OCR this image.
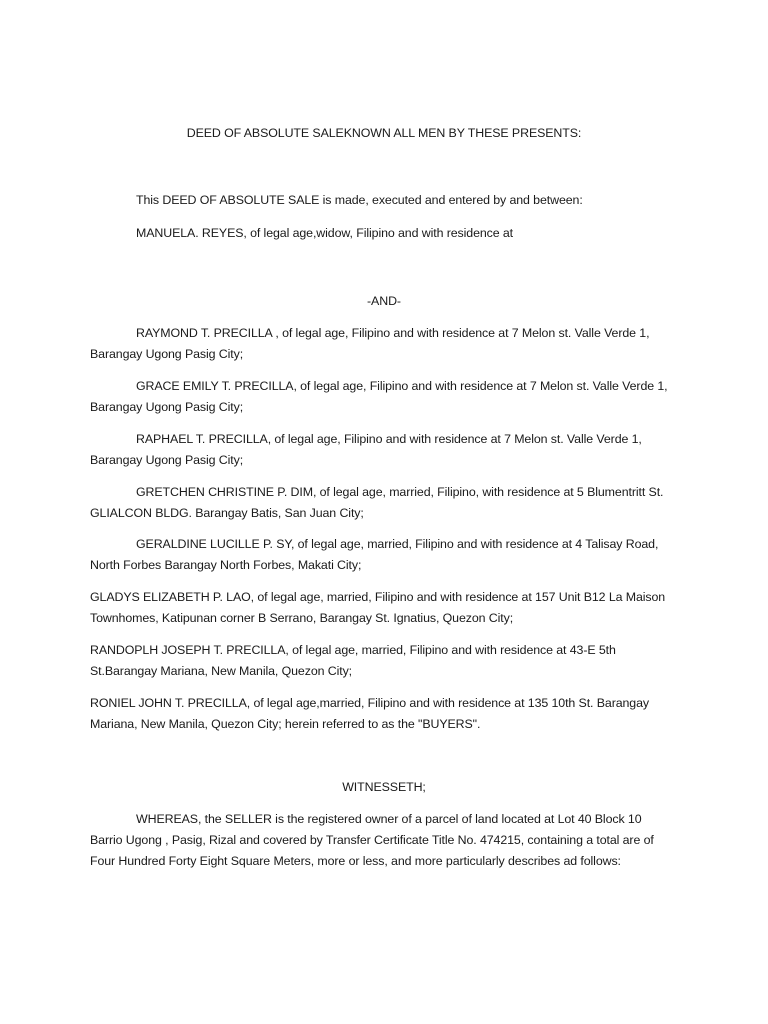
DEED OF ABSOLUTE SALEKNOWN ALL MEN BY THESE PRESENTS:
This DEED OF ABSOLUTE SALE is made, executed and entered by and between:
MANUELA. REYES, of legal age,widow, Filipino and with residence at
-AND-
RAYMOND T. PRECILLA , of legal age, Filipino and with residence at 7 Melon st. Valle Verde 1,
Barangay Ugong Pasig City;
GRACE EMILY T. PRECILLA, of legal age, Filipino and with residence at 7 Melon st. Valle Verde 1,
Barangay Ugong Pasig City;
RAPHAEL T. PRECILLA, of legal age, Filipino and with residence at 7 Melon st. Valle Verde 1,
Barangay Ugong Pasig City;
GRETCHEN CHRISTINE P. DIM, of legal age, married, Filipino, with residence at 5 Blumentritt St.
GLIALCON BLDG. Barangay Batis, San Juan City;
GERALDINE LUCILLE P. SY, of legal age, married, Filipino and with residence at 4 Talisay Road,
North Forbes Barangay North Forbes, Makati City;
GLADYS ELIZABETH P. LAO, of legal age, married, Filipino and with residence at 157 Unit B12 La Maison
Townhomes, Katipunan corner B Serrano, Barangay St. Ignatius, Quezon City;
RANDOPLH JOSEPH T. PRECILLA, of legal age, married, Filipino and with residence at 43-E 5th
St.Barangay Mariana, New Manila, Quezon City;
RONIEL JOHN T. PRECILLA, of legal age,married, Filipino and with residence at 135 10th St. Barangay
Mariana, New Manila, Quezon City; herein referred to as the "BUYERS".
WITNESSETH;
WHEREAS, the SELLER is the registered owner of a parcel of land located at Lot 40 Block 10
Barrio Ugong , Pasig, Rizal and covered by Transfer Certificate Title No. 474215, containing a total are of
Four Hundred Forty Eight Square Meters, more or less, and more particularly describes ad follows:
